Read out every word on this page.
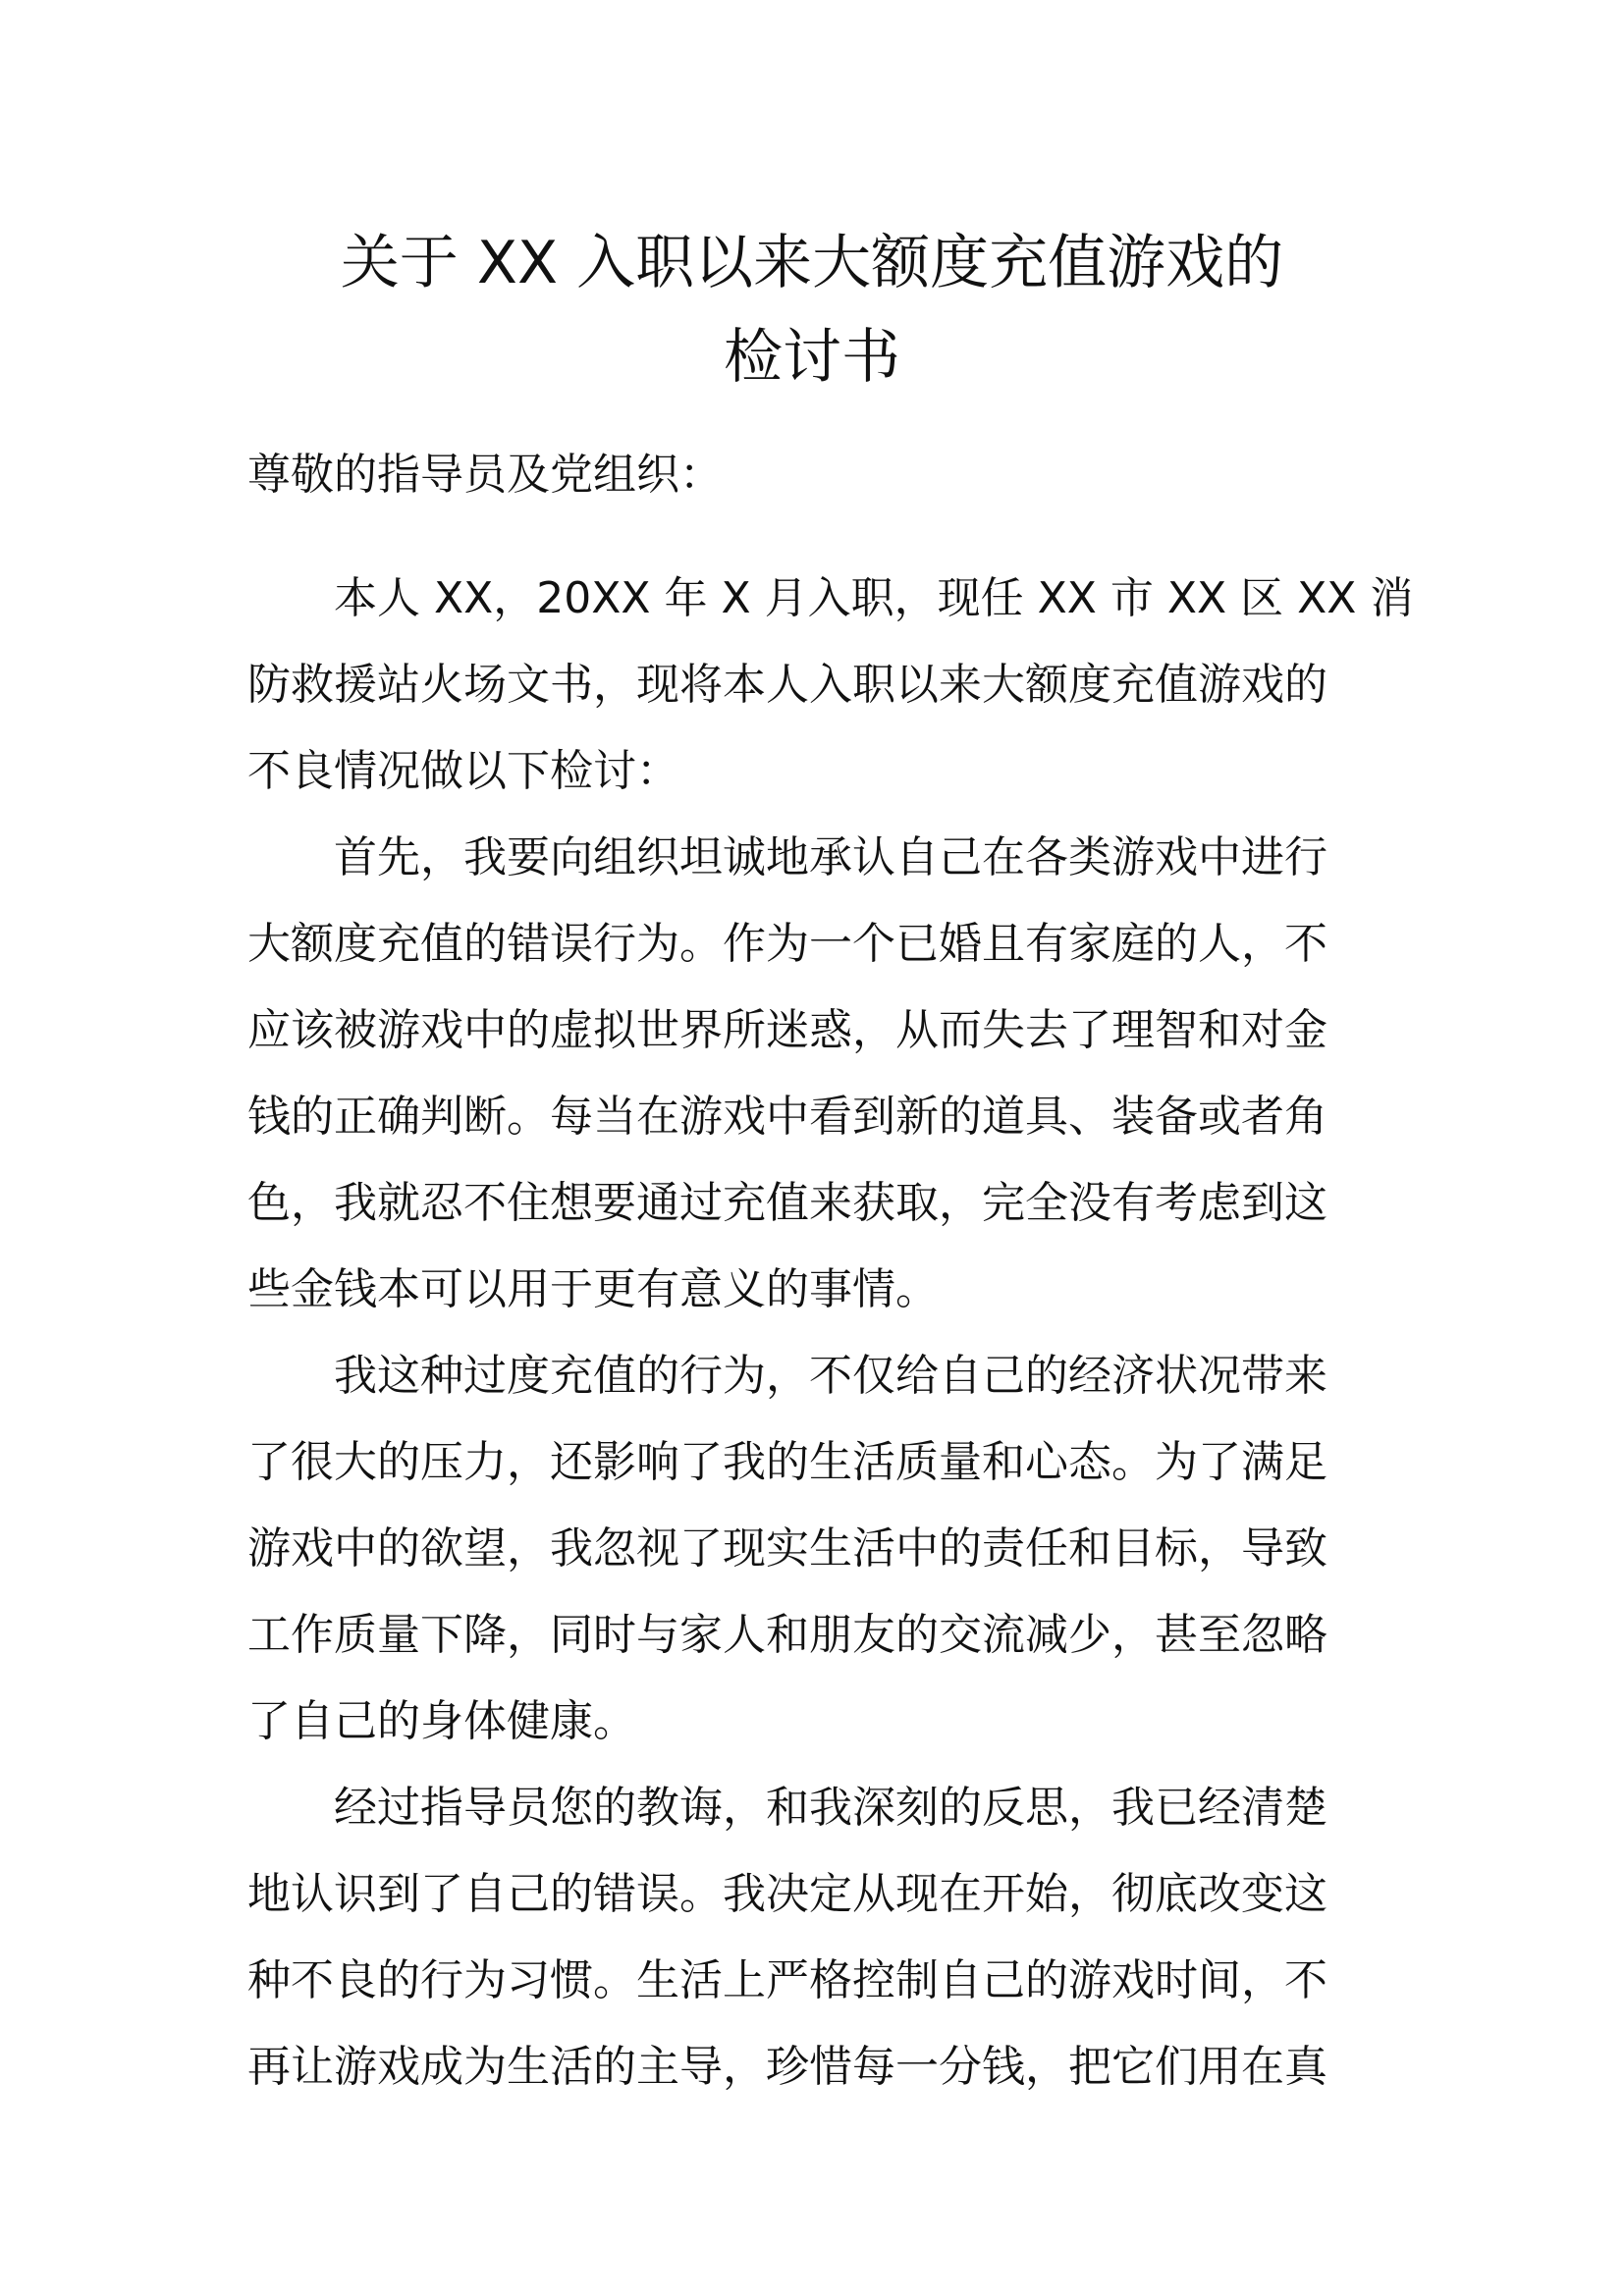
关于 XX 入职以来大额度充值游戏的
检讨书

尊敬的指导员及党组织：

本人 XX，20XX 年 X 月入职，现任 XX 市 XX 区 XX 消
防救援站火场文书，现将本人入职以来大额度充值游戏的
不良情况做以下检讨：

首先，我要向组织坦诚地承认自己在各类游戏中进行
大额度充值的错误行为。作为一个已婚且有家庭的人，不
应该被游戏中的虚拟世界所迷惑，从而失去了理智和对金
钱的正确判断。每当在游戏中看到新的道具、装备或者角
色，我就忍不住想要通过充值来获取，完全没有考虑到这
些金钱本可以用于更有意义的事情。

我这种过度充值的行为，不仅给自己的经济状况带来
了很大的压力，还影响了我的生活质量和心态。为了满足
游戏中的欲望，我忽视了现实生活中的责任和目标，导致
工作质量下降，同时与家人和朋友的交流减少，甚至忽略
了自己的身体健康。

经过指导员您的教诲，和我深刻的反思，我已经清楚
地认识到了自己的错误。我决定从现在开始，彻底改变这
种不良的行为习惯。生活上严格控制自己的游戏时间，不
再让游戏成为生活的主导，珍惜每一分钱，把它们用在真
